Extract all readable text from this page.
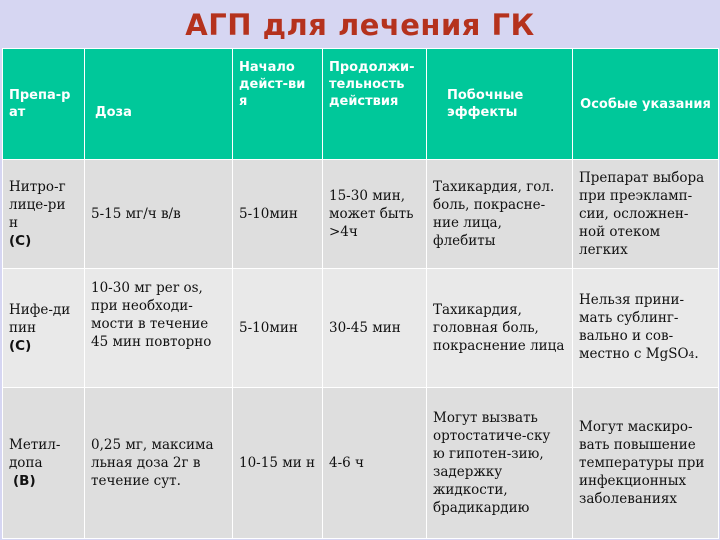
АГП для лечения ГК
Препа-р ат	Доза	Начало дейст-ви я	Продолжи-тельность действия	Побочные эффекты	Особые указания

Нитро-г лице-ри н
(С)	5-15 мг/ч в/в	5-10мин	15-30 мин, может быть >4ч	Тахикардия, гол. боль, покрасне-ние лица, флебиты	Препарат выбора при преэкламп-сии, осложнен-ной отеком легких

Нифе-ди пин
(С)	10-30 мг per os, при необходи-мости в течение 45 мин повторно	5-10мин	30-45 мин	Тахикардия, головная боль, покраснение лица	Нельзя прини-мать сублинг-вально и сов-местно с MgSO4.

Метил-допа
(В)	0,25 мг, максима льная доза 2г в течение сут.	10-15 ми н	4-6 ч	Могут вызвать ортостатиче-ску ю гипотен-зию, задержку жидкости, брадикардию	Могут маскиро-вать повышение температуры при инфекционных заболеваниях
